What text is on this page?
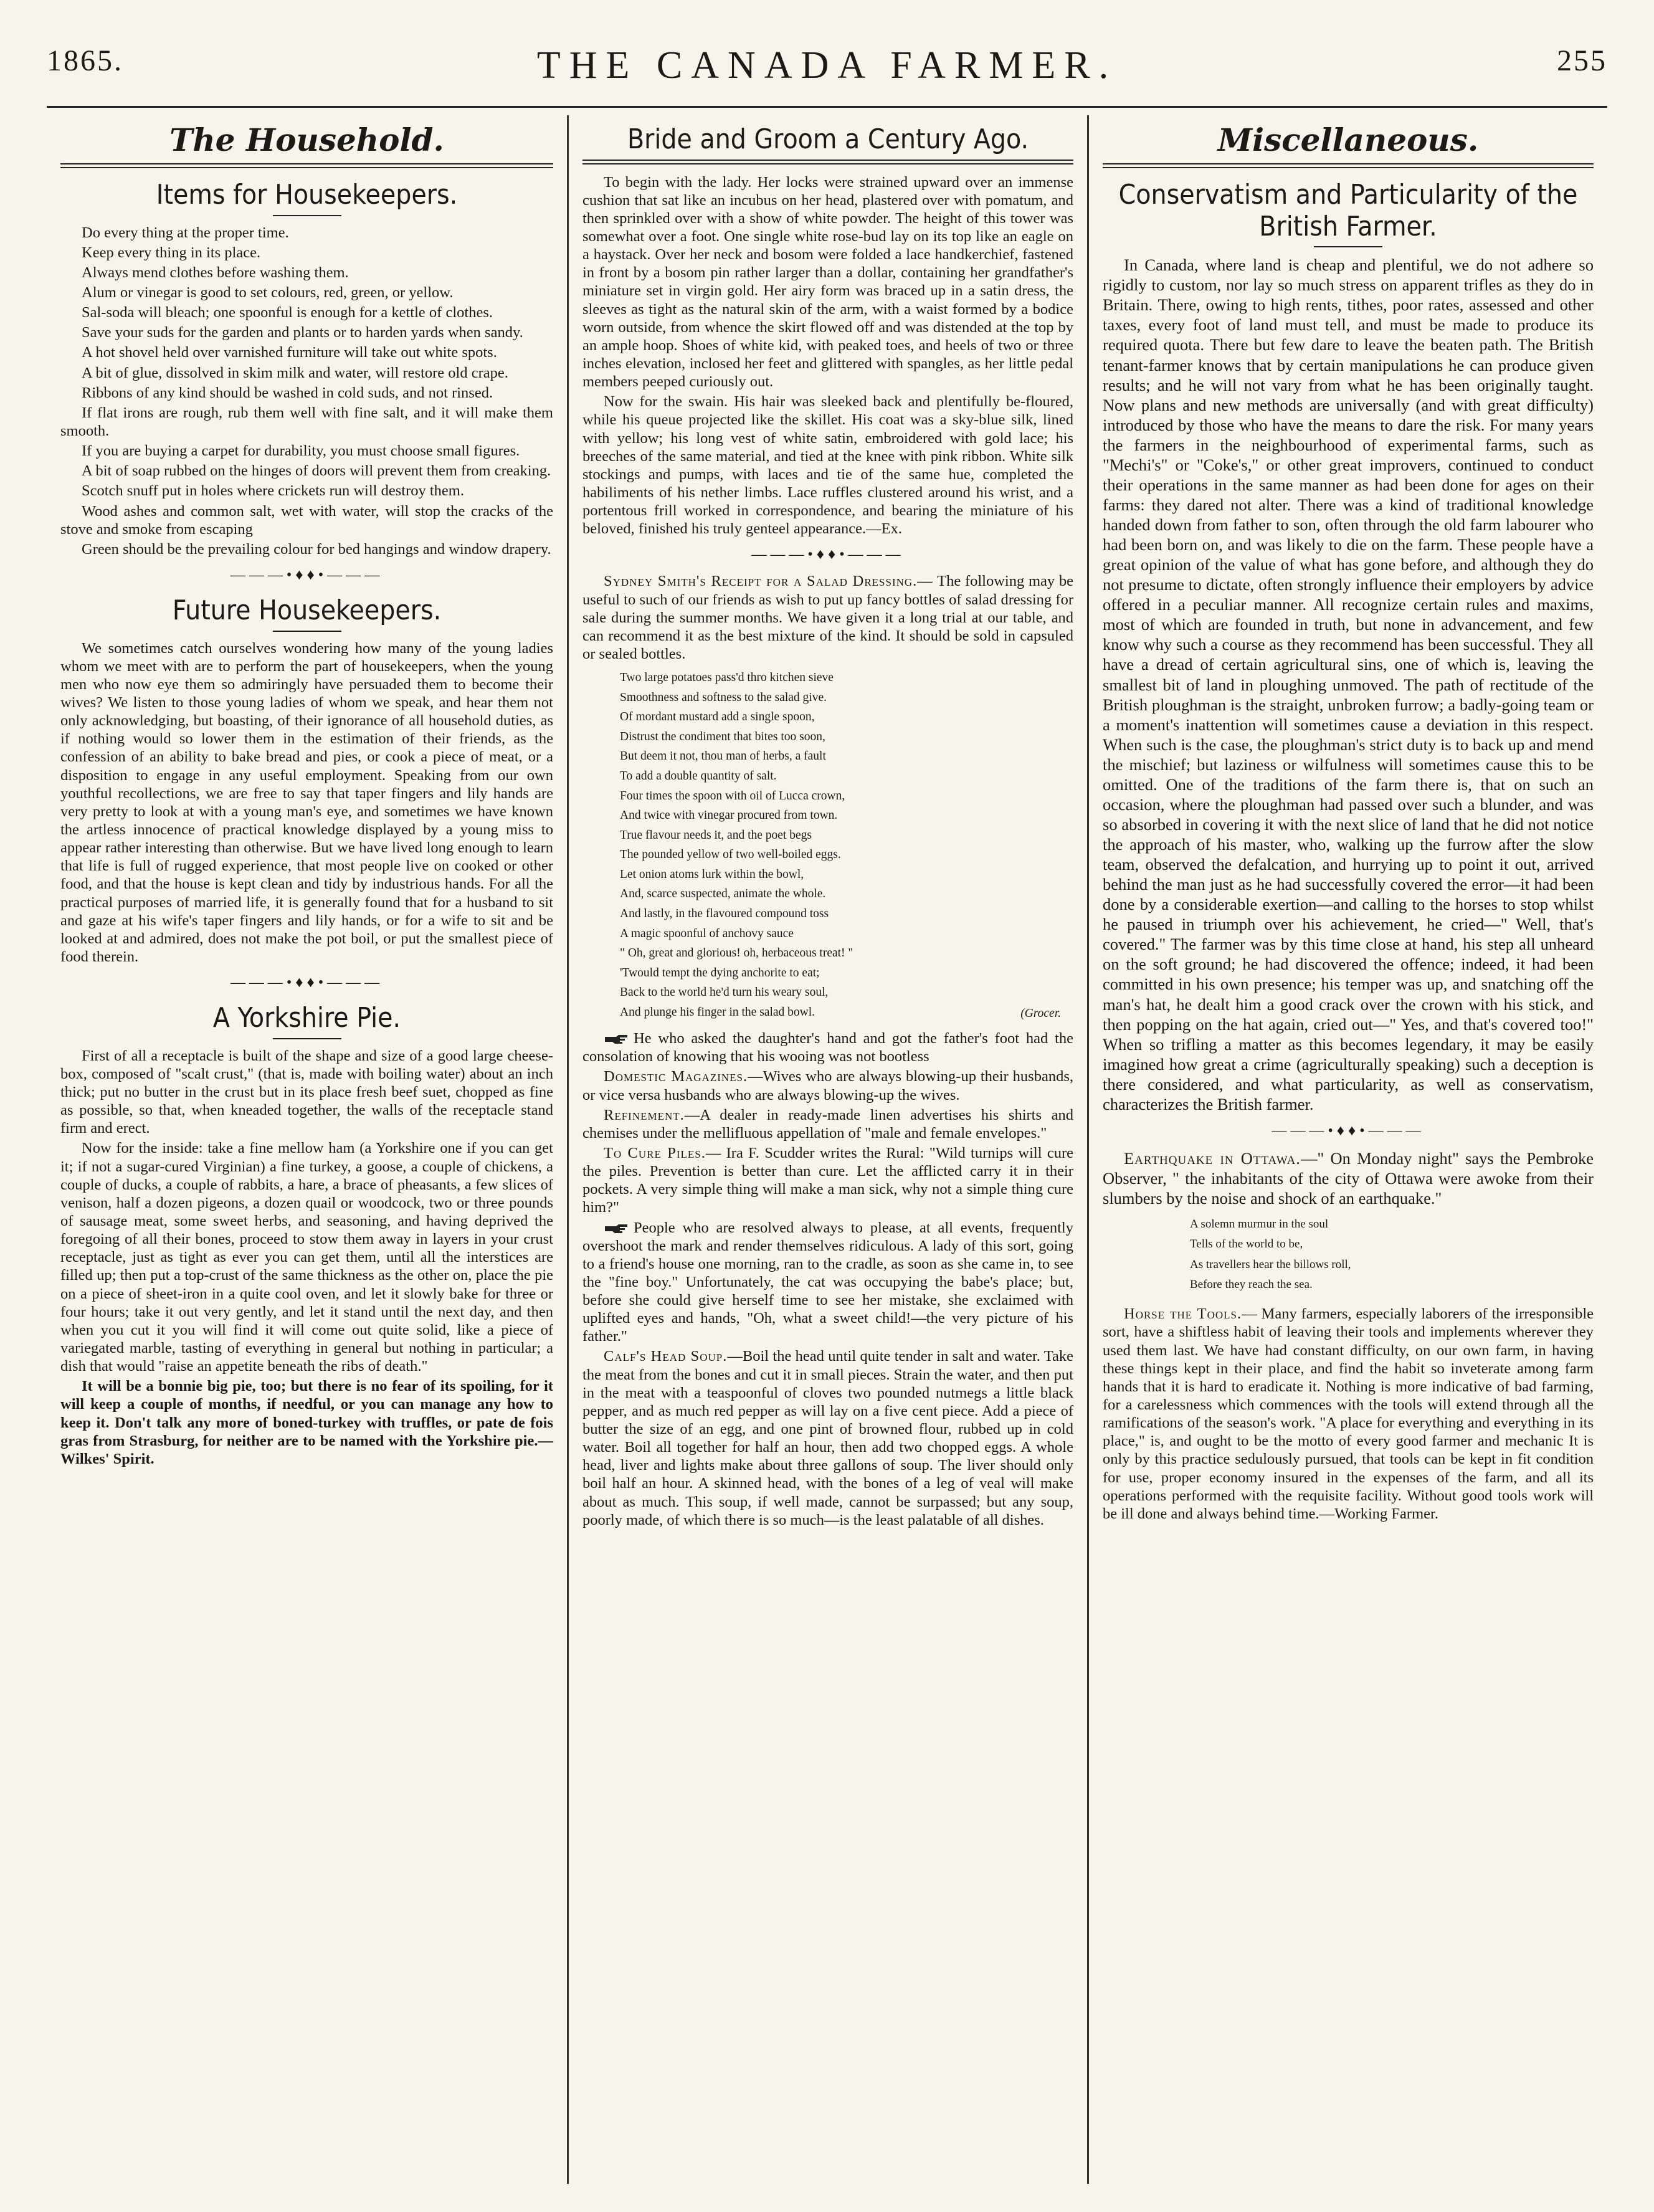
1865.	THE CANADA FARMER.	255
The Household.
Items for Housekeepers.

Do every thing at the proper time.

Keep every thing in its place.

Always mend clothes before washing them.

Alum or vinegar is good to set colours, red, green, or yellow.

Sal-soda will bleach; one spoonful is enough for a kettle of clothes.

Save your suds for the garden and plants or to harden yards when sandy.

A hot shovel held over varnished furniture will take out white spots.

A bit of glue, dissolved in skim milk and water, will restore old crape.

Ribbons of any kind should be washed in cold suds, and not rinsed.

If flat irons are rough, rub them well with fine salt, and it will make them smooth.

If you are buying a carpet for durability, you must choose small figures.

A bit of soap rubbed on the hinges of doors will prevent them from creaking.

Scotch snuff put in holes where crickets run will destroy them.

Wood ashes and common salt, wet with water, will stop the cracks of the stove and smoke from escaping

Green should be the prevailing colour for bed hangings and window drapery.

———•♦♦•———
Future Housekeepers.

We sometimes catch ourselves wondering how many of the young ladies whom we meet with are to perform the part of housekeepers, when the young men who now eye them so admiringly have persuaded them to become their wives? We listen to those young ladies of whom we speak, and hear them not only acknowledging, but boasting, of their ignorance of all household duties, as if nothing would so lower them in the estimation of their friends, as the confession of an ability to bake bread and pies, or cook a piece of meat, or a disposition to engage in any useful employment. Speaking from our own youthful recollections, we are free to say that taper fingers and lily hands are very pretty to look at with a young man's eye, and sometimes we have known the artless innocence of practical knowledge displayed by a young miss to appear rather interesting than otherwise. But we have lived long enough to learn that life is full of rugged experience, that most people live on cooked or other food, and that the house is kept clean and tidy by industrious hands. For all the practical purposes of married life, it is generally found that for a husband to sit and gaze at his wife's taper fingers and lily hands, or for a wife to sit and be looked at and admired, does not make the pot boil, or put the smallest piece of food therein.

———•♦♦•———
A Yorkshire Pie.

First of all a receptacle is built of the shape and size of a good large cheese-box, composed of "scalt crust," (that is, made with boiling water) about an inch thick; put no butter in the crust but in its place fresh beef suet, chopped as fine as possible, so that, when kneaded together, the walls of the receptacle stand firm and erect.

Now for the inside: take a fine mellow ham (a Yorkshire one if you can get it; if not a sugar-cured Virginian) a fine turkey, a goose, a couple of chickens, a couple of ducks, a couple of rabbits, a hare, a brace of pheasants, a few slices of venison, half a dozen pigeons, a dozen quail or woodcock, two or three pounds of sausage meat, some sweet herbs, and seasoning, and having deprived the foregoing of all their bones, proceed to stow them away in layers in your crust receptacle, just as tight as ever you can get them, until all the interstices are filled up; then put a top-crust of the same thickness as the other on, place the pie on a piece of sheet-iron in a quite cool oven, and let it slowly bake for three or four hours; take it out very gently, and let it stand until the next day, and then when you cut it you will find it will come out quite solid, like a piece of variegated marble, tasting of everything in general but nothing in particular; a dish that would "raise an appetite beneath the ribs of death."

It will be a bonnie big pie, too; but there is no fear of its spoiling, for it will keep a couple of months, if needful, or you can manage any how to keep it. Don't talk any more of boned-turkey with truffles, or pate de fois gras from Strasburg, for neither are to be named with the Yorkshire pie.—Wilkes' Spirit.

Bride and Groom a Century Ago.

To begin with the lady. Her locks were strained upward over an immense cushion that sat like an incubus on her head, plastered over with pomatum, and then sprinkled over with a show of white powder. The height of this tower was somewhat over a foot. One single white rose-bud lay on its top like an eagle on a haystack. Over her neck and bosom were folded a lace handkerchief, fastened in front by a bosom pin rather larger than a dollar, containing her grandfather's miniature set in virgin gold. Her airy form was braced up in a satin dress, the sleeves as tight as the natural skin of the arm, with a waist formed by a bodice worn outside, from whence the skirt flowed off and was distended at the top by an ample hoop. Shoes of white kid, with peaked toes, and heels of two or three inches elevation, inclosed her feet and glittered with spangles, as her little pedal members peeped curiously out.

Now for the swain. His hair was sleeked back and plentifully be-floured, while his queue projected like the skillet. His coat was a sky-blue silk, lined with yellow; his long vest of white satin, embroidered with gold lace; his breeches of the same material, and tied at the knee with pink ribbon. White silk stockings and pumps, with laces and tie of the same hue, completed the habiliments of his nether limbs. Lace ruffles clustered around his wrist, and a portentous frill worked in correspondence, and bearing the miniature of his beloved, finished his truly genteel appearance.—Ex.

———•♦♦•———

Sydney Smith's Receipt for a Salad Dressing.— The following may be useful to such of our friends as wish to put up fancy bottles of salad dressing for sale during the summer months. We have given it a long trial at our table, and can recommend it as the best mixture of the kind. It should be sold in capsuled or sealed bottles.

Two large potatoes pass'd thro kitchen sieve
Smoothness and softness to the salad give.
Of mordant mustard add a single spoon,
Distrust the condiment that bites too soon,
But deem it not, thou man of herbs, a fault
To add a double quantity of salt.
Four times the spoon with oil of Lucca crown,
And twice with vinegar procured from town.
True flavour needs it, and the poet begs
The pounded yellow of two well-boiled eggs.
Let onion atoms lurk within the bowl,
And, scarce suspected, animate the whole.
And lastly, in the flavoured compound toss
A magic spoonful of anchovy sauce
" Oh, great and glorious! oh, herbaceous treat! "
'Twould tempt the dying anchorite to eat;
Back to the world he'd turn his weary soul,
And plunge his finger in the salad bowl.	(Grocer.

He who asked the daughter's hand and got the father's foot had the consolation of knowing that his wooing was not bootless

Domestic Magazines.—Wives who are always blowing-up their husbands, or vice versa husbands who are always blowing-up the wives.

Refinement.—A dealer in ready-made linen advertises his shirts and chemises under the mellifluous appellation of "male and female envelopes."

To Cure Piles.— Ira F. Scudder writes the Rural: "Wild turnips will cure the piles. Prevention is better than cure. Let the afflicted carry it in their pockets. A very simple thing will make a man sick, why not a simple thing cure him?"

People who are resolved always to please, at all events, frequently overshoot the mark and render themselves ridiculous. A lady of this sort, going to a friend's house one morning, ran to the cradle, as soon as she came in, to see the "fine boy." Unfortunately, the cat was occupying the babe's place; but, before she could give herself time to see her mistake, she exclaimed with uplifted eyes and hands, "Oh, what a sweet child!—the very picture of his father."

Calf's Head Soup.—Boil the head until quite tender in salt and water. Take the meat from the bones and cut it in small pieces. Strain the water, and then put in the meat with a teaspoonful of cloves two pounded nutmegs a little black pepper, and as much red pepper as will lay on a five cent piece. Add a piece of butter the size of an egg, and one pint of browned flour, rubbed up in cold water. Boil all together for half an hour, then add two chopped eggs. A whole head, liver and lights make about three gallons of soup. The liver should only boil half an hour. A skinned head, with the bones of a leg of veal will make about as much. This soup, if well made, cannot be surpassed; but any soup, poorly made, of which there is so much—is the least palatable of all dishes.

Miscellaneous.
Conservatism and Particularity of the British Farmer.

In Canada, where land is cheap and plentiful, we do not adhere so rigidly to custom, nor lay so much stress on apparent trifles as they do in Britain. There, owing to high rents, tithes, poor rates, assessed and other taxes, every foot of land must tell, and must be made to produce its required quota. There but few dare to leave the beaten path. The British tenant-farmer knows that by certain manipulations he can produce given results; and he will not vary from what he has been originally taught. Now plans and new methods are universally (and with great difficulty) introduced by those who have the means to dare the risk. For many years the farmers in the neighbourhood of experimental farms, such as "Mechi's" or "Coke's," or other great improvers, continued to conduct their operations in the same manner as had been done for ages on their farms: they dared not alter. There was a kind of traditional knowledge handed down from father to son, often through the old farm labourer who had been born on, and was likely to die on the farm. These people have a great opinion of the value of what has gone before, and although they do not presume to dictate, often strongly influence their employers by advice offered in a peculiar manner. All recognize certain rules and maxims, most of which are founded in truth, but none in advancement, and few know why such a course as they recommend has been successful. They all have a dread of certain agricultural sins, one of which is, leaving the smallest bit of land in ploughing unmoved. The path of rectitude of the British ploughman is the straight, unbroken furrow; a badly-going team or a moment's inattention will sometimes cause a deviation in this respect. When such is the case, the ploughman's strict duty is to back up and mend the mischief; but laziness or wilfulness will sometimes cause this to be omitted. One of the traditions of the farm there is, that on such an occasion, where the ploughman had passed over such a blunder, and was so absorbed in covering it with the next slice of land that he did not notice the approach of his master, who, walking up the furrow after the slow team, observed the defalcation, and hurrying up to point it out, arrived behind the man just as he had successfully covered the error—it had been done by a considerable exertion—and calling to the horses to stop whilst he paused in triumph over his achievement, he cried—" Well, that's covered." The farmer was by this time close at hand, his step all unheard on the soft ground; he had discovered the offence; indeed, it had been committed in his own presence; his temper was up, and snatching off the man's hat, he dealt him a good crack over the crown with his stick, and then popping on the hat again, cried out—" Yes, and that's covered too!" When so trifling a matter as this becomes legendary, it may be easily imagined how great a crime (agriculturally speaking) such a deception is there considered, and what particularity, as well as conservatism, characterizes the British farmer.

———•♦♦•———

Earthquake in Ottawa.—" On Monday night" says the Pembroke Observer, " the inhabitants of the city of Ottawa were awoke from their slumbers by the noise and shock of an earthquake."

A solemn murmur in the soul
Tells of the world to be,
As travellers hear the billows roll,
Before they reach the sea.

Horse the Tools.— Many farmers, especially laborers of the irresponsible sort, have a shiftless habit of leaving their tools and implements wherever they used them last. We have had constant difficulty, on our own farm, in having these things kept in their place, and find the habit so inveterate among farm hands that it is hard to eradicate it. Nothing is more indicative of bad farming, for a carelessness which commences with the tools will extend through all the ramifications of the season's work. "A place for everything and everything in its place," is, and ought to be the motto of every good farmer and mechanic It is only by this practice sedulously pursued, that tools can be kept in fit condition for use, proper economy insured in the expenses of the farm, and all its operations performed with the requisite facility. Without good tools work will be ill done and always behind time.—Working Farmer.
